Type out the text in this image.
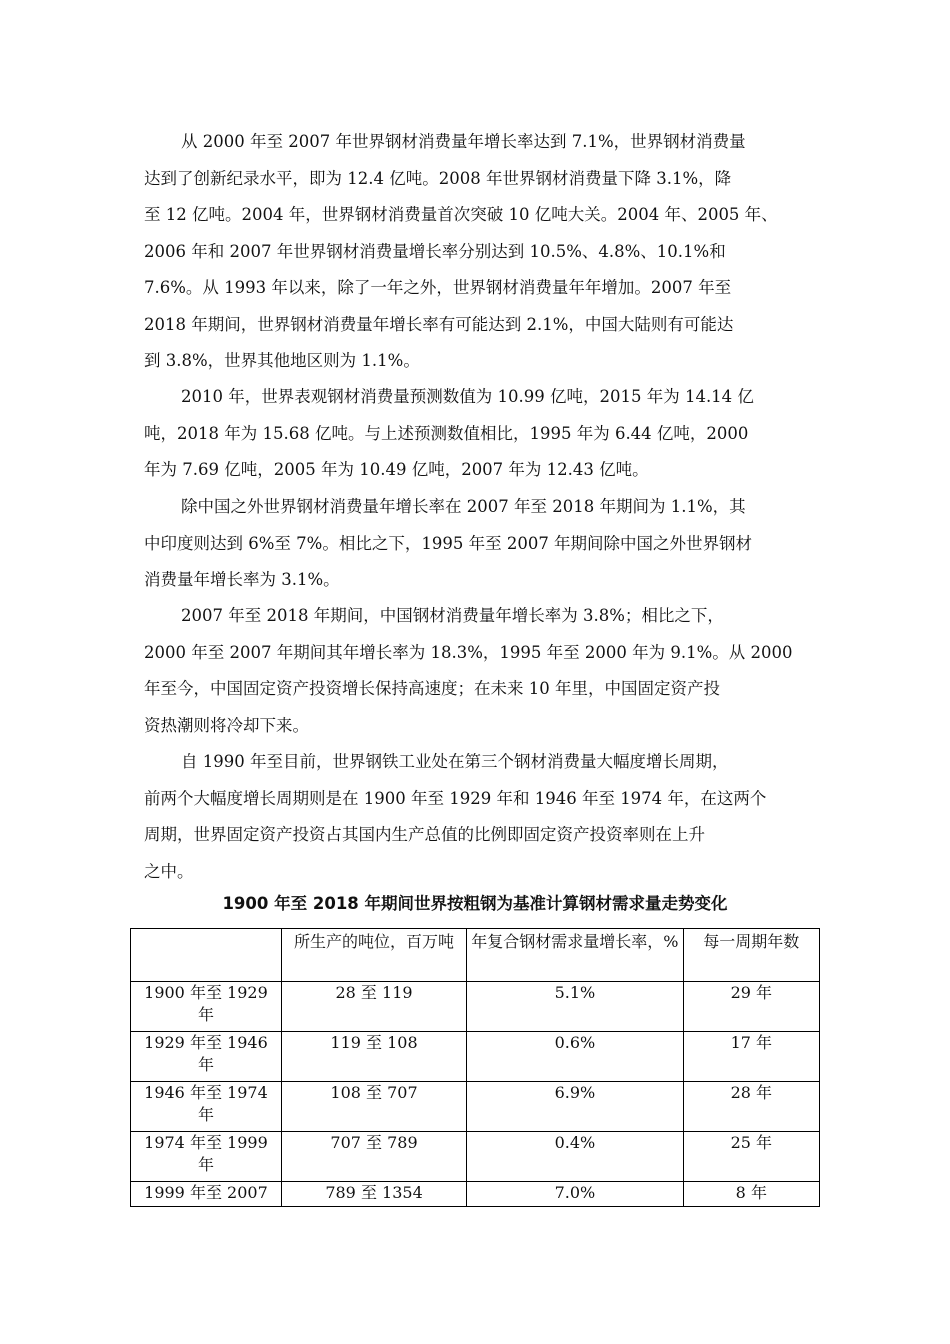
从 2000 年至 2007 年世界钢材消费量年增长率达到 7.1%，世界钢材消费量
达到了创新纪录水平，即为 12.4 亿吨。2008 年世界钢材消费量下降 3.1%，降
至 12 亿吨。2004 年，世界钢材消费量首次突破 10 亿吨大关。2004 年、2005 年、
2006 年和 2007 年世界钢材消费量增长率分别达到 10.5%、4.8%、10.1%和
7.6%。从 1993 年以来，除了一年之外，世界钢材消费量年年增加。2007 年至
2018 年期间，世界钢材消费量年增长率有可能达到 2.1%，中国大陆则有可能达
到 3.8%，世界其他地区则为 1.1%。

2010 年，世界表观钢材消费量预测数值为 10.99 亿吨，2015 年为 14.14 亿
吨，2018 年为 15.68 亿吨。与上述预测数值相比，1995 年为 6.44 亿吨，2000
年为 7.69 亿吨，2005 年为 10.49 亿吨，2007 年为 12.43 亿吨。

除中国之外世界钢材消费量年增长率在 2007 年至 2018 年期间为 1.1%，其
中印度则达到 6%至 7%。相比之下，1995 年至 2007 年期间除中国之外世界钢材
消费量年增长率为 3.1%。

2007 年至 2018 年期间，中国钢材消费量年增长率为 3.8%；相比之下，
2000 年至 2007 年期间其年增长率为 18.3%，1995 年至 2000 年为 9.1%。从 2000
年至今，中国固定资产投资增长保持高速度；在未来 10 年里，中国固定资产投
资热潮则将冷却下来。

自 1990 年至目前，世界钢铁工业处在第三个钢材消费量大幅度增长周期，
前两个大幅度增长周期则是在 1900 年至 1929 年和 1946 年至 1974 年，在这两个
周期，世界固定资产投资占其国内生产总值的比例即固定资产投资率则在上升
之中。

1900 年至 2018 年期间世界按粗钢为基准计算钢材需求量走势变化
	所生产的吨位，百万吨	年复合钢材需求量增长率，%	每一周期年数
1900 年至 1929 年	28 至 119	5.1%	29 年
1929 年至 1946 年	119 至 108	0.6%	17 年
1946 年至 1974 年	108 至 707	6.9%	28 年
1974 年至 1999 年	707 至 789	0.4%	25 年
1999 年至 2007	789 至 1354	7.0%	8 年
